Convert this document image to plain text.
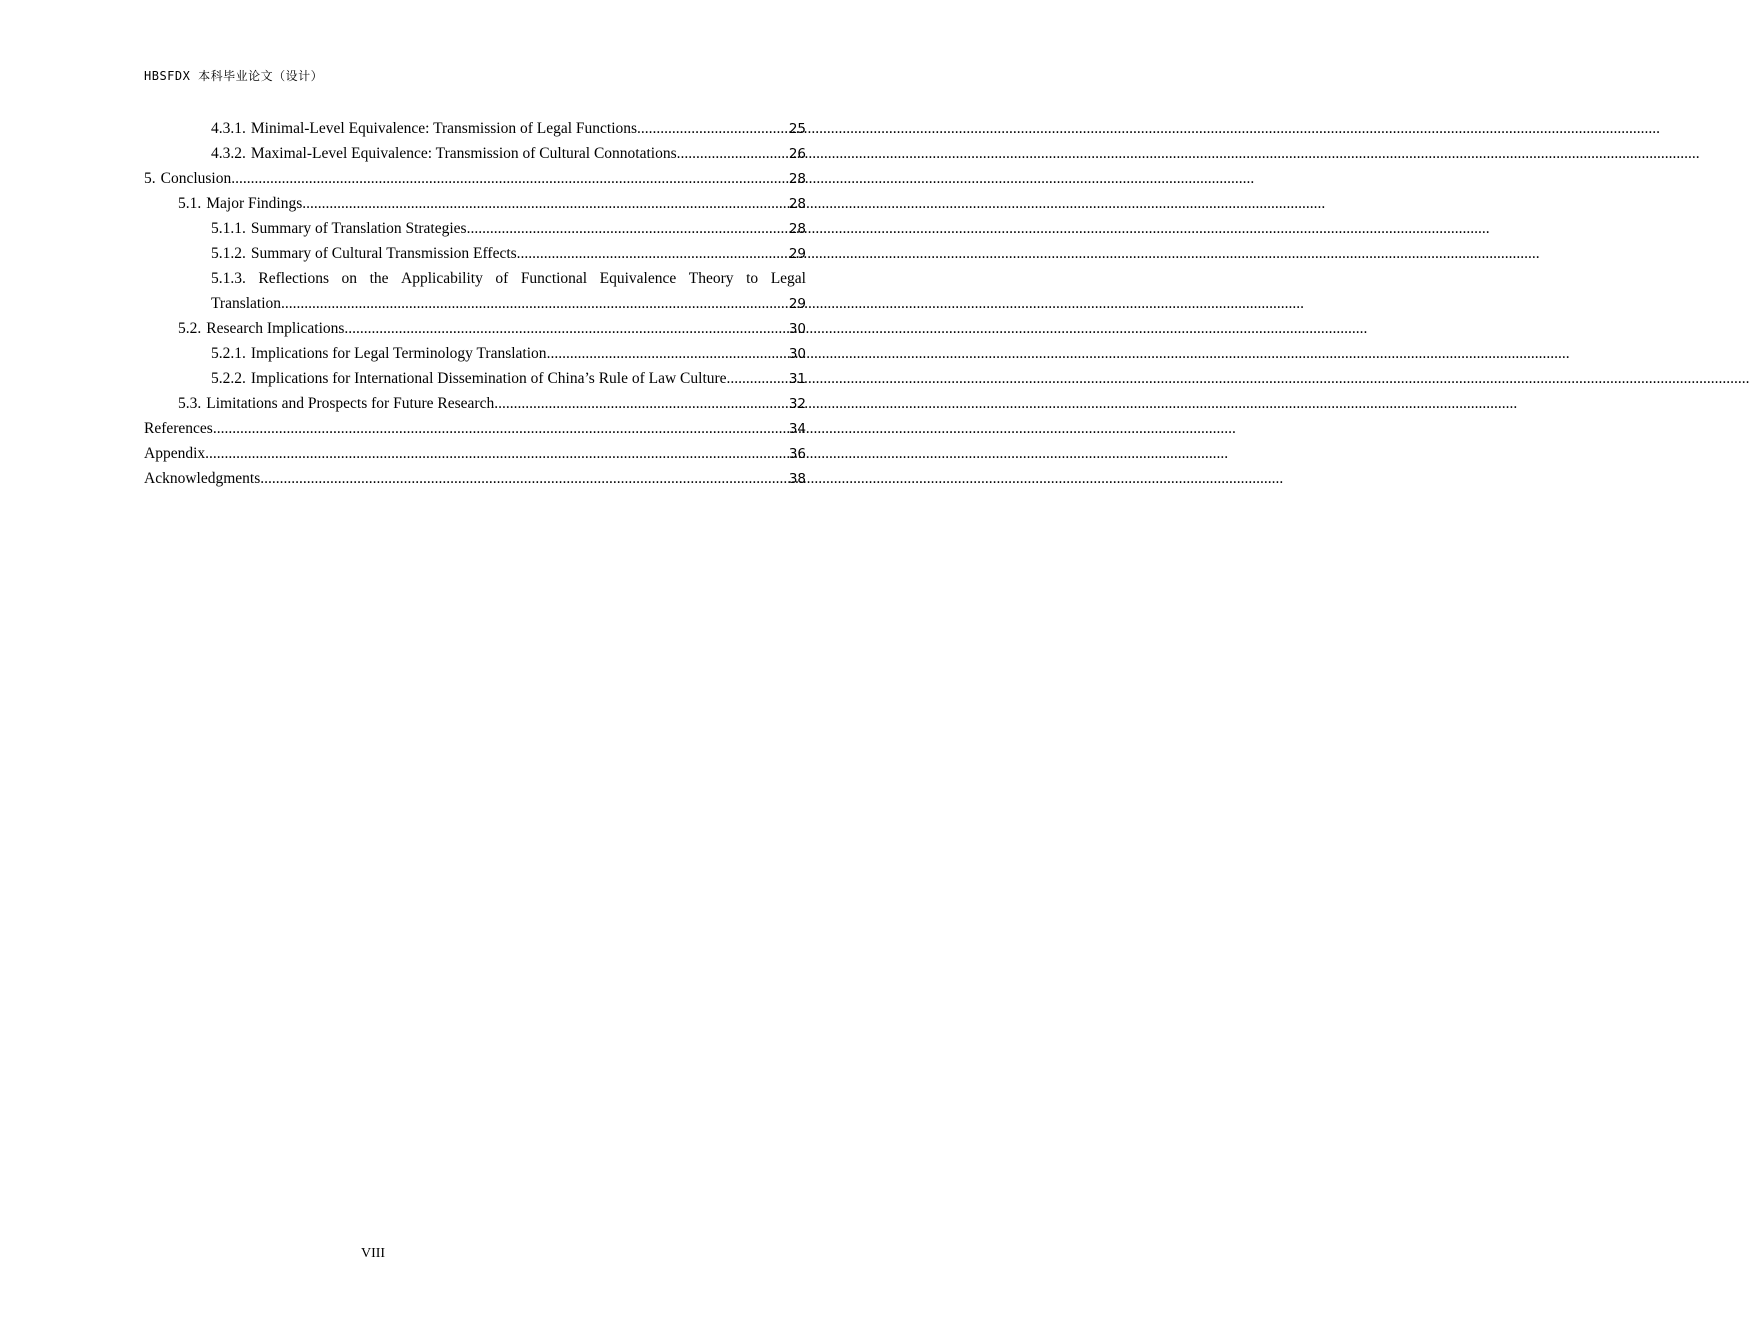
HBSFDX 本科毕业论文（设计）
4.3.1. Minimal-Level Equivalence: Transmission of Legal Functions .....	25
4.3.2. Maximal-Level Equivalence: Transmission of Cultural Connotations .....	26
5. Conclusion .....	28
5.1. Major Findings .....	28
5.1.1. Summary of Translation Strategies .....	28
5.1.2. Summary of Cultural Transmission Effects .....	29
5.1.3. Reflections on the Applicability of Functional Equivalence Theory to Legal
Translation .....	29
5.2. Research Implications .....	30
5.2.1. Implications for Legal Terminology Translation .....	30
5.2.2. Implications for International Dissemination of China’s Rule of Law Culture .....	31
5.3. Limitations and Prospects for Future Research .....	32
References .....	34
Appendix .....	36
Acknowledgments .....	38
VIII
